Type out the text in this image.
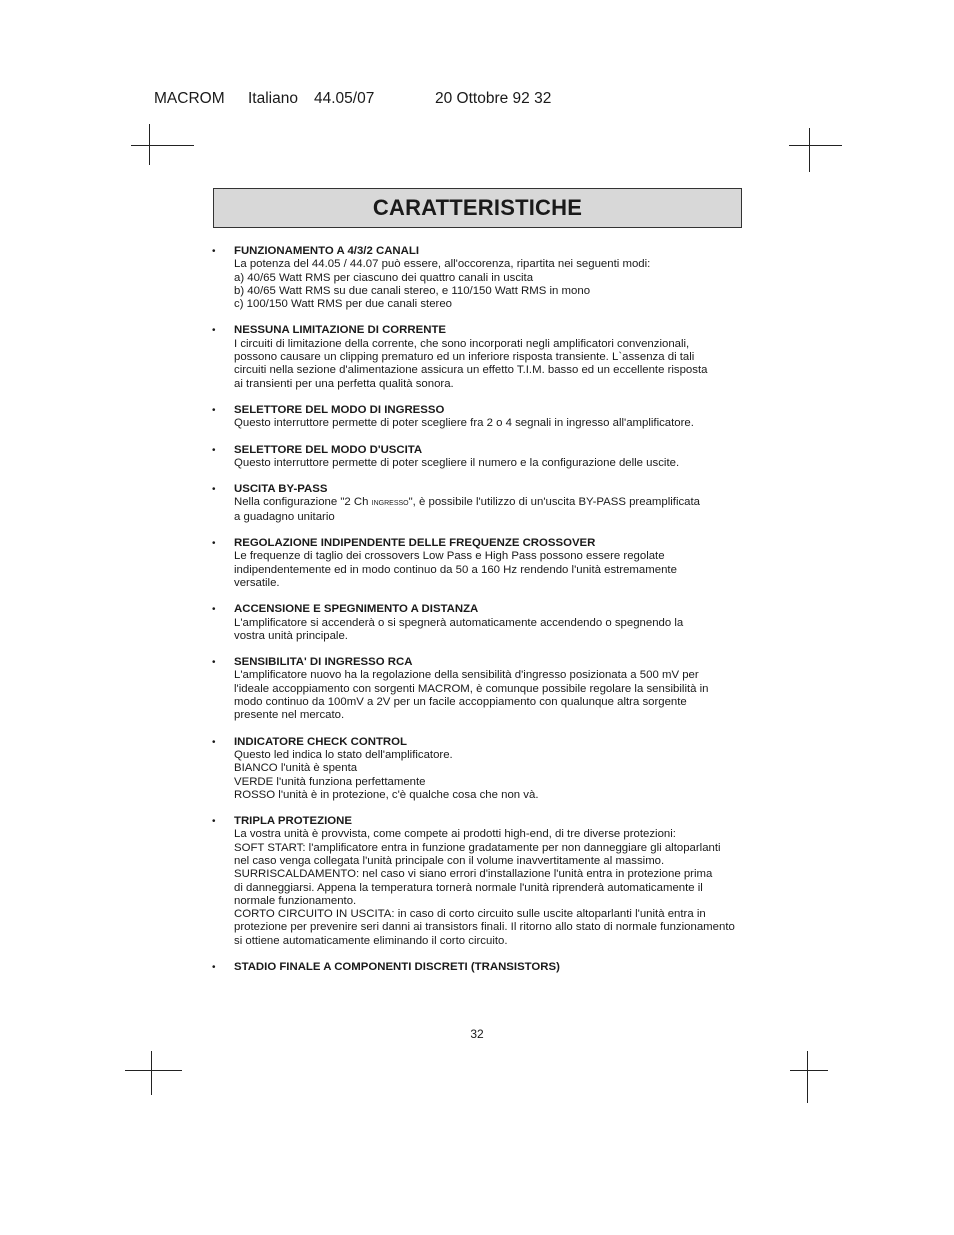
MACROM Italiano 44.05/07	20 Ottobre 92 32
CARATTERISTICHE
• FUNZIONAMENTO A 4/3/2 CANALI
La potenza del 44.05 / 44.07 può essere, all'occorenza, ripartita nei seguenti modi:
a) 40/65 Watt RMS per ciascuno dei quattro canali in uscita
b) 40/65 Watt RMS su due canali stereo, e 110/150 Watt RMS in mono
c) 100/150 Watt RMS per due canali stereo
• NESSUNA LIMITAZIONE DI CORRENTE
I circuiti di limitazione della corrente, che sono incorporati negli amplificatori convenzionali,
possono causare un clipping prematuro ed un inferiore risposta transiente. L`assenza di tali
circuiti nella sezione d'alimentazione assicura un effetto T.I.M. basso ed un eccellente risposta
ai transienti per una perfetta qualità sonora.
• SELETTORE DEL MODO DI INGRESSO
Questo interruttore permette di poter scegliere fra 2 o 4 segnali in ingresso all'amplificatore.
• SELETTORE DEL MODO D'USCITA
Questo interruttore permette di poter scegliere il numero e la configurazione delle uscite.
• USCITA BY-PASS
Nella configurazione "2 Ch INGRESSO", è possibile l'utilizzo di un'uscita BY-PASS preamplificata
a guadagno unitario
• REGOLAZIONE INDIPENDENTE DELLE FREQUENZE CROSSOVER
Le frequenze di taglio dei crossovers Low Pass e High Pass possono essere regolate
indipendentemente ed in modo continuo da 50 a 160 Hz rendendo l'unità estremamente
versatile.
• ACCENSIONE E SPEGNIMENTO A DISTANZA
L'amplificatore si accenderà o si spegnerà automaticamente accendendo o spegnendo la
vostra unità principale.
• SENSIBILITA' DI INGRESSO RCA
L'amplificatore nuovo ha la regolazione della sensibilità d'ingresso posizionata a 500 mV per
l'ideale accoppiamento con sorgenti MACROM, è comunque possibile regolare la sensibilità in
modo continuo da 100mV a 2V per un facile accoppiamento con qualunque altra sorgente
presente nel mercato.
• INDICATORE CHECK CONTROL
Questo led indica lo stato dell'amplificatore.
BIANCO l'unità è spenta
VERDE l'unità funziona perfettamente
ROSSO l'unità è in protezione, c'è qualche cosa che non và.
• TRIPLA PROTEZIONE
La vostra unità è provvista, come compete ai prodotti high-end, di tre diverse protezioni:
SOFT START: l'amplificatore entra in funzione gradatamente per non danneggiare gli altoparlanti
nel caso venga collegata l'unità principale con il volume inavvertitamente al massimo.
SURRISCALDAMENTO: nel caso vi siano errori d'installazione l'unità entra in protezione prima
di danneggiarsi. Appena la temperatura tornerà normale l'unità riprenderà automaticamente il
normale funzionamento.
CORTO CIRCUITO IN USCITA: in caso di corto circuito sulle uscite altoparlanti l'unità entra in
protezione per prevenire seri danni ai transistors finali. Il ritorno allo stato di normale funzionamento
si ottiene automaticamente eliminando il corto circuito.
• STADIO FINALE A COMPONENTI DISCRETI (TRANSISTORS)
32
